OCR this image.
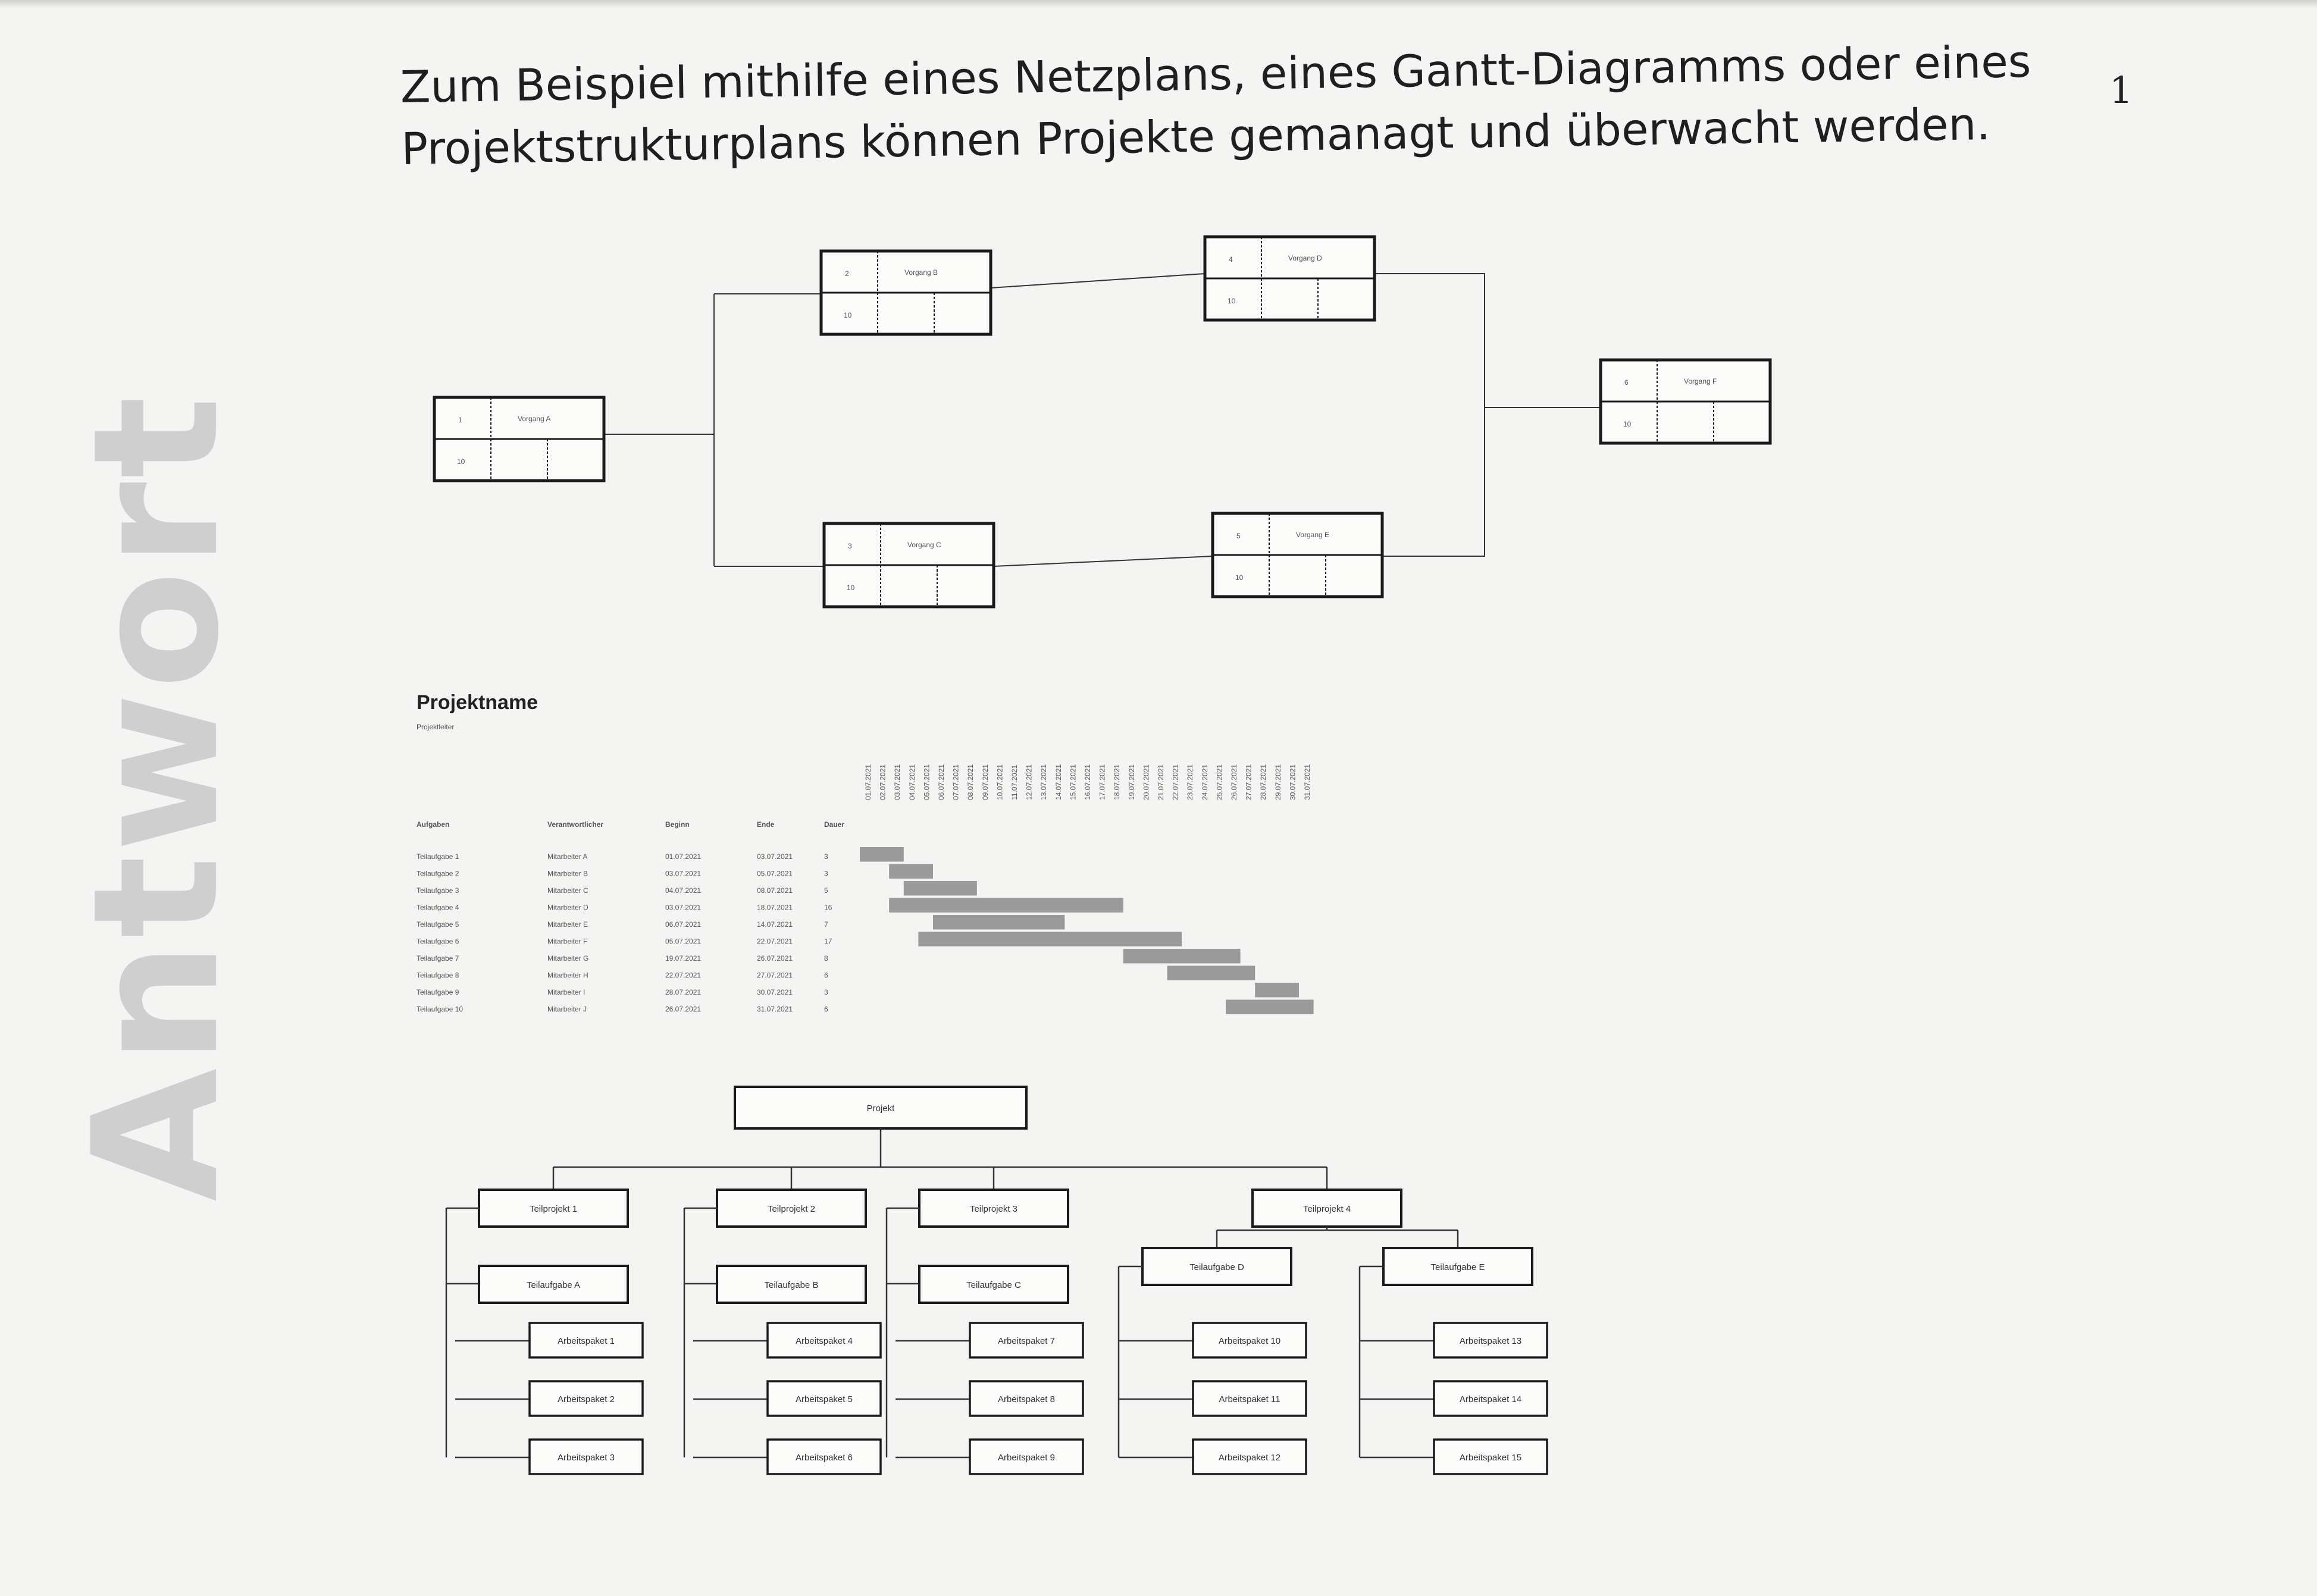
Antwort
Zum Beispiel mithilfe eines Netzplans, eines Gantt-Diagramms oder eines
Projektstrukturplans können Projekte gemanagt und überwacht werden.
1
1	Vorgang A
10
2	Vorgang B
10
3	Vorgang C
10
4	Vorgang D
10
5	Vorgang E
10
6	Vorgang F
10
Projektname
Projektleiter
Aufgaben	Verantwortlicher	Beginn	Ende	Dauer
01.07.2021 02.07.2021 03.07.2021 04.07.2021 05.07.2021 06.07.2021 07.07.2021 08.07.2021 09.07.2021 10.07.2021 11.07.2021 12.07.2021 13.07.2021 14.07.2021 15.07.2021 16.07.2021 17.07.2021 18.07.2021 19.07.2021 20.07.2021 21.07.2021 22.07.2021 23.07.2021 24.07.2021 25.07.2021 26.07.2021 27.07.2021 28.07.2021 29.07.2021 30.07.2021 31.07.2021
Teilaufgabe 1	Mitarbeiter A	01.07.2021	03.07.2021	3
Teilaufgabe 2	Mitarbeiter B	03.07.2021	05.07.2021	3
Teilaufgabe 3	Mitarbeiter C	04.07.2021	08.07.2021	5
Teilaufgabe 4	Mitarbeiter D	03.07.2021	18.07.2021	16
Teilaufgabe 5	Mitarbeiter E	06.07.2021	14.07.2021	7
Teilaufgabe 6	Mitarbeiter F	05.07.2021	22.07.2021	17
Teilaufgabe 7	Mitarbeiter G	19.07.2021	26.07.2021	8
Teilaufgabe 8	Mitarbeiter H	22.07.2021	27.07.2021	6
Teilaufgabe 9	Mitarbeiter I	28.07.2021	30.07.2021	3
Teilaufgabe 10	Mitarbeiter J	26.07.2021	31.07.2021	6
Projekt
Teilprojekt 1
Teilaufgabe A
Arbeitspaket 1
Arbeitspaket 2
Arbeitspaket 3
Teilprojekt 2
Teilaufgabe B
Arbeitspaket 4
Arbeitspaket 5
Arbeitspaket 6
Teilprojekt 3
Teilaufgabe C
Arbeitspaket 7
Arbeitspaket 8
Arbeitspaket 9
Teilprojekt 4
Teilaufgabe D
Arbeitspaket 10
Arbeitspaket 11
Arbeitspaket 12
Teilaufgabe E
Arbeitspaket 13
Arbeitspaket 14
Arbeitspaket 15
